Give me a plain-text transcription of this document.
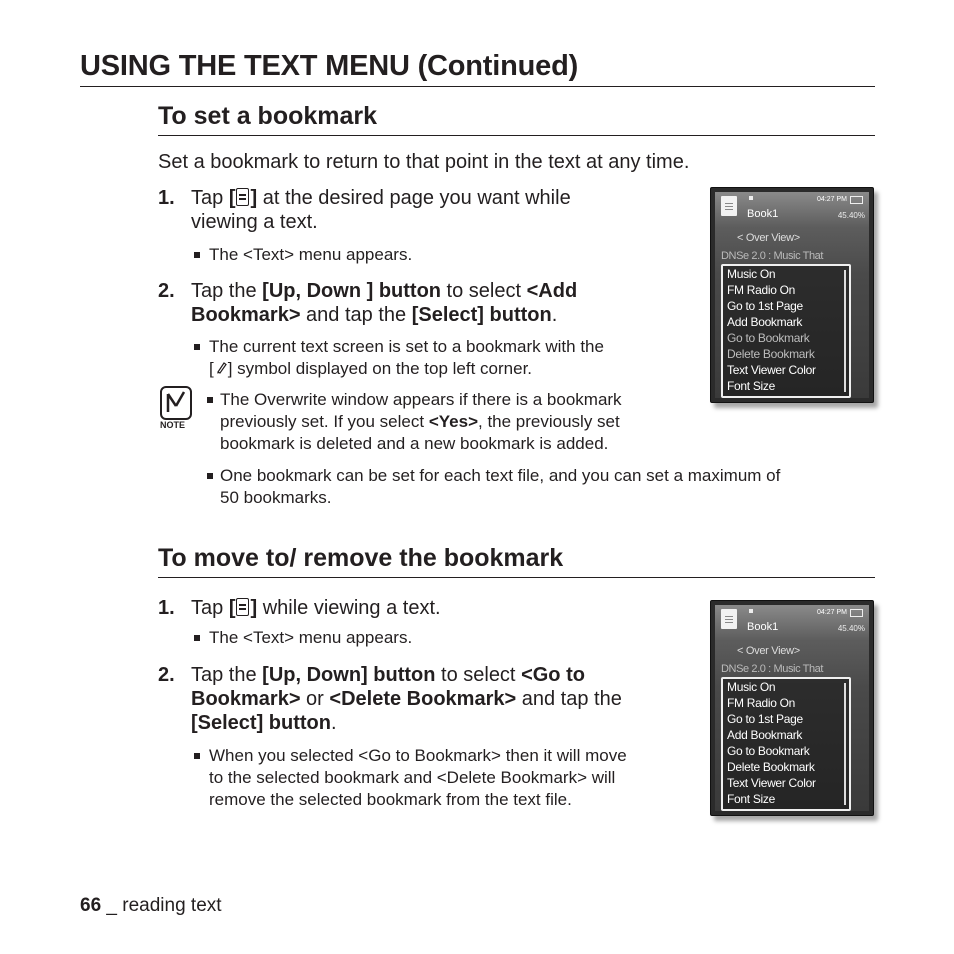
USING THE TEXT MENU (Continued)
To set a bookmark
Set a bookmark to return to that point in the text at any time.
1. Tap [ ] at the desired page you want while
viewing a text.
The <Text> menu appears.
2. Tap the [Up, Down ] button to select <Add
Bookmark> and tap the [Select] button.
The current text screen is set to a bookmark with the
[ ] symbol displayed on the top left corner.
NOTE
The Overwrite window appears if there is a bookmark
previously set. If you select <Yes>, the previously set
bookmark is deleted and a new bookmark is added.
One bookmark can be set for each text file, and you can set a maximum of
50 bookmarks.
04:27 PM
Book1	45.40%
< Over View>
DNSe 2.0 : Music That
Music On
FM Radio On
Go to 1st Page
Add Bookmark
Go to Bookmark
Delete Bookmark
Text Viewer Color
Font Size
To move to/ remove the bookmark
1. Tap [ ] while viewing a text.
The <Text> menu appears.
2. Tap the [Up, Down] button to select <Go to
Bookmark> or <Delete Bookmark> and tap the
[Select] button.
When you selected <Go to Bookmark> then it will move
to the selected bookmark and <Delete Bookmark> will
remove the selected bookmark from the text file.
04:27 PM
Book1	45.40%
< Over View>
DNSe 2.0 : Music That
Music On
FM Radio On
Go to 1st Page
Add Bookmark
Go to Bookmark
Delete Bookmark
Text Viewer Color
Font Size
66 _ reading text
